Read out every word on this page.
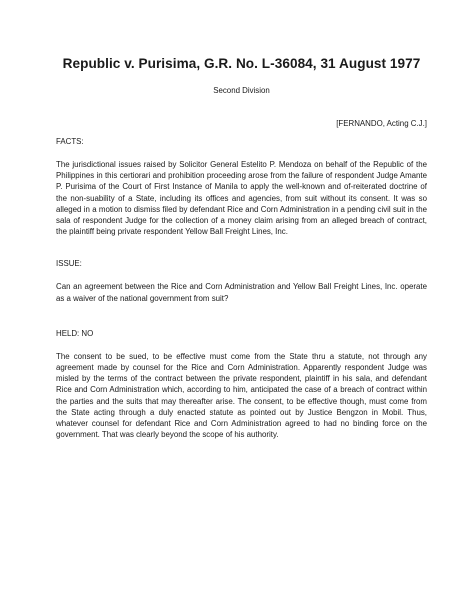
Republic v. Purisima, G.R. No. L-36084, 31 August 1977

Second Division

[FERNANDO, Acting C.J.]

FACTS:

The jurisdictional issues raised by Solicitor General Estelito P. Mendoza on behalf of the Republic of the Philippines in this certiorari and prohibition proceeding arose from the failure of respondent Judge Amante P. Purisima of the Court of First Instance of Manila to apply the well-known and of-reiterated doctrine of the non-suability of a State, including its offices and agencies, from suit without its consent. It was so alleged in a motion to dismiss filed by defendant Rice and Corn Administration in a pending civil suit in the sala of respondent Judge for the collection of a money claim arising from an alleged breach of contract, the plaintiff being private respondent Yellow Ball Freight Lines, Inc.

ISSUE:

Can an agreement between the Rice and Corn Administration and Yellow Ball Freight Lines, Inc. operate as a waiver of the national government from suit?

HELD: NO

The consent to be sued, to be effective must come from the State thru a statute, not through any agreement made by counsel for the Rice and Corn Administration. Apparently respondent Judge was misled by the terms of the contract between the private respondent, plaintiff in his sala, and defendant Rice and Corn Administration which, according to him, anticipated the case of a breach of contract within the parties and the suits that may thereafter arise. The consent, to be effective though, must come from the State acting through a duly enacted statute as pointed out by Justice Bengzon in Mobil. Thus, whatever counsel for defendant Rice and Corn Administration agreed to had no binding force on the government. That was clearly beyond the scope of his authority.
